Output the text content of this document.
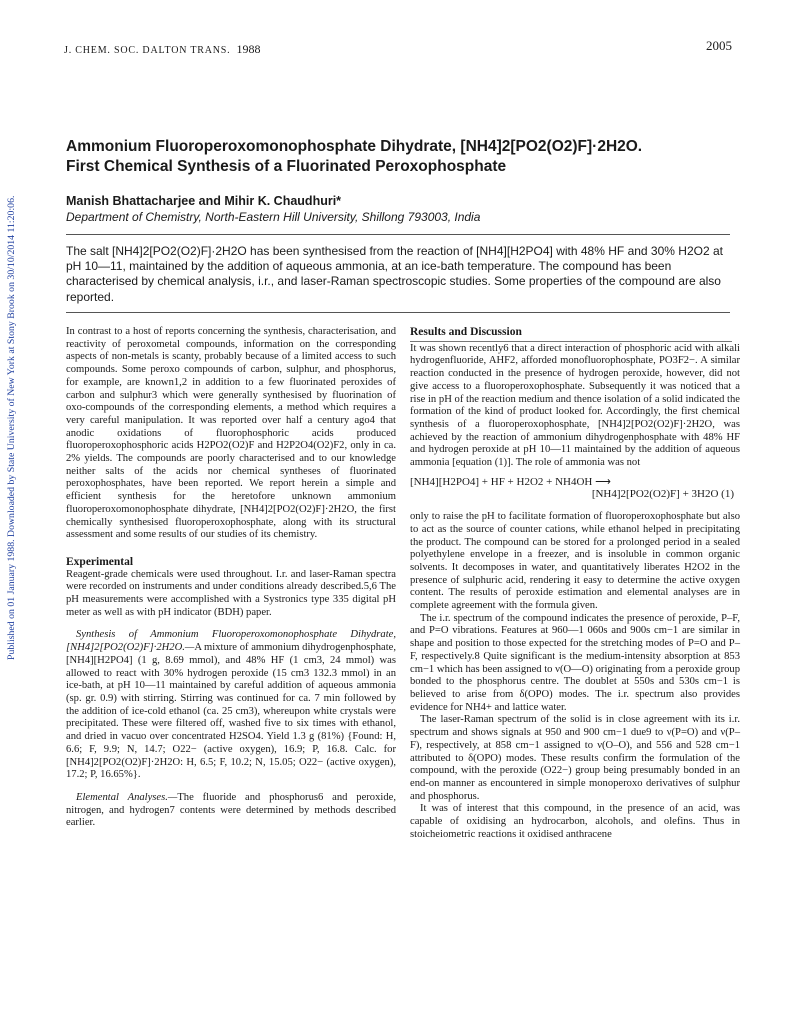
J. CHEM. SOC. DALTON TRANS. 1988	2005
Published on 01 January 1988. Downloaded by State University of New York at Stony Brook on 30/10/2014 11:20:06.
Ammonium Fluoroperoxomonophosphate Dihydrate, [NH4]2[PO2(O2)F]·2H2O.
First Chemical Synthesis of a Fluorinated Peroxophosphate
Manish Bhattacharjee and Mihir K. Chaudhuri*
Department of Chemistry, North-Eastern Hill University, Shillong 793003, India
The salt [NH4]2[PO2(O2)F]·2H2O has been synthesised from the reaction of [NH4][H2PO4] with 48% HF and 30% H2O2 at pH 10—11, maintained by the addition of aqueous ammonia, at an ice-bath temperature. The compound has been characterised by chemical analysis, i.r., and laser-Raman spectroscopic studies. Some properties of the compound are also reported.

In contrast to a host of reports concerning the synthesis, characterisation, and reactivity of peroxometal compounds, information on the corresponding aspects of non-metals is scanty, probably because of a limited access to such compounds. Some peroxo compounds of carbon, sulphur, and phosphorus, for example, are known1,2 in addition to a few fluorinated peroxides of carbon and sulphur3 which were generally synthesised by fluorination of oxo-compounds of the corresponding elements, a method which requires a very careful manipulation. It was reported over half a century ago4 that anodic oxidations of fluorophosphoric acids produced fluoroperoxophosphoric acids H2PO2(O2)F and H2P2O4(O2)F2, only in ca. 2% yields. The compounds are poorly characterised and to our knowledge neither salts of the acids nor chemical syntheses of fluorinated peroxophosphates, have been reported. We report herein a simple and efficient synthesis for the heretofore unknown ammonium fluoroperoxomonophosphate dihydrate, [NH4]2[PO2(O2)F]·2H2O, the first chemically synthesised fluoroperoxophosphate, along with its structural assessment and some results of our studies of its chemistry.

Experimental

Reagent-grade chemicals were used throughout. I.r. and laser-Raman spectra were recorded on instruments and under conditions already described.5,6 The pH measurements were accomplished with a Systronics type 335 digital pH meter as well as with pH indicator (BDH) paper.

Synthesis of Ammonium Fluoroperoxomonophosphate Dihydrate, [NH4]2[PO2(O2)F]·2H2O.—A mixture of ammonium dihydrogenphosphate, [NH4][H2PO4] (1 g, 8.69 mmol), and 48% HF (1 cm3, 24 mmol) was allowed to react with 30% hydrogen peroxide (15 cm3 132.3 mmol) in an ice-bath, at pH 10—11 maintained by careful addition of aqueous ammonia (sp. gr. 0.9) with stirring. Stirring was continued for ca. 7 min followed by the addition of ice-cold ethanol (ca. 25 cm3), whereupon white crystals were precipitated. These were filtered off, washed five to six times with ethanol, and dried in vacuo over concentrated H2SO4. Yield 1.3 g (81%) {Found: H, 6.6; F, 9.9; N, 14.7; O22− (active oxygen), 16.9; P, 16.8. Calc. for [NH4]2[PO2(O2)F]·2H2O: H, 6.5; F, 10.2; N, 15.05; O22− (active oxygen), 17.2; P, 16.65%}.

Elemental Analyses.—The fluoride and phosphorus6 and peroxide, nitrogen, and hydrogen7 contents were determined by methods described earlier.

Results and Discussion

It was shown recently6 that a direct interaction of phosphoric acid with alkali hydrogenfluoride, AHF2, afforded monofluorophosphate, PO3F2−. A similar reaction conducted in the presence of hydrogen peroxide, however, did not give access to a fluoroperoxophosphate. Subsequently it was noticed that a rise in pH of the reaction medium and thence isolation of a solid indicated the formation of the kind of product looked for. Accordingly, the first chemical synthesis of a fluoroperoxophosphate, [NH4]2[PO2(O2)F]·2H2O, was achieved by the reaction of ammonium dihydrogenphosphate with 48% HF and hydrogen peroxide at pH 10—11 maintained by the addition of aqueous ammonia [equation (1)]. The role of ammonia was not

[NH4][H2PO4] + HF + H2O2 + NH4OH ⟶
[NH4]2[PO2(O2)F] + 3H2O (1)

only to raise the pH to facilitate formation of fluoroperoxophosphate but also to act as the source of counter cations, while ethanol helped in precipitating the product. The compound can be stored for a prolonged period in a sealed polyethylene envelope in a freezer, and is insoluble in common organic solvents. It decomposes in water, and quantitatively liberates H2O2 in the presence of sulphuric acid, rendering it easy to determine the active oxygen content. The results of peroxide estimation and elemental analyses are in complete agreement with the formula given.

The i.r. spectrum of the compound indicates the presence of peroxide, P–F, and P=O vibrations. Features at 960—1 060s and 900s cm−1 are similar in shape and position to those expected for the stretching modes of P=O and P–F, respectively.8 Quite significant is the medium-intensity absorption at 853 cm−1 which has been assigned to ν(O—O) originating from a peroxide group bonded to the phosphorus centre. The doublet at 550s and 530s cm−1 is believed to arise from δ(OPO) modes. The i.r. spectrum also provides evidence for NH4+ and lattice water.

The laser-Raman spectrum of the solid is in close agreement with its i.r. spectrum and shows signals at 950 and 900 cm−1 due9 to ν(P=O) and ν(P–F), respectively, at 858 cm−1 assigned to ν(O–O), and 556 and 528 cm−1 attributed to δ(OPO) modes. These results confirm the formulation of the compound, with the peroxide (O22−) group being presumably bonded in an end-on manner as encountered in simple monoperoxo derivatives of sulphur and phosphorus.

It was of interest that this compound, in the presence of an acid, was capable of oxidising an hydrocarbon, alcohols, and olefins. Thus in stoicheiometric reactions it oxidised anthracene
